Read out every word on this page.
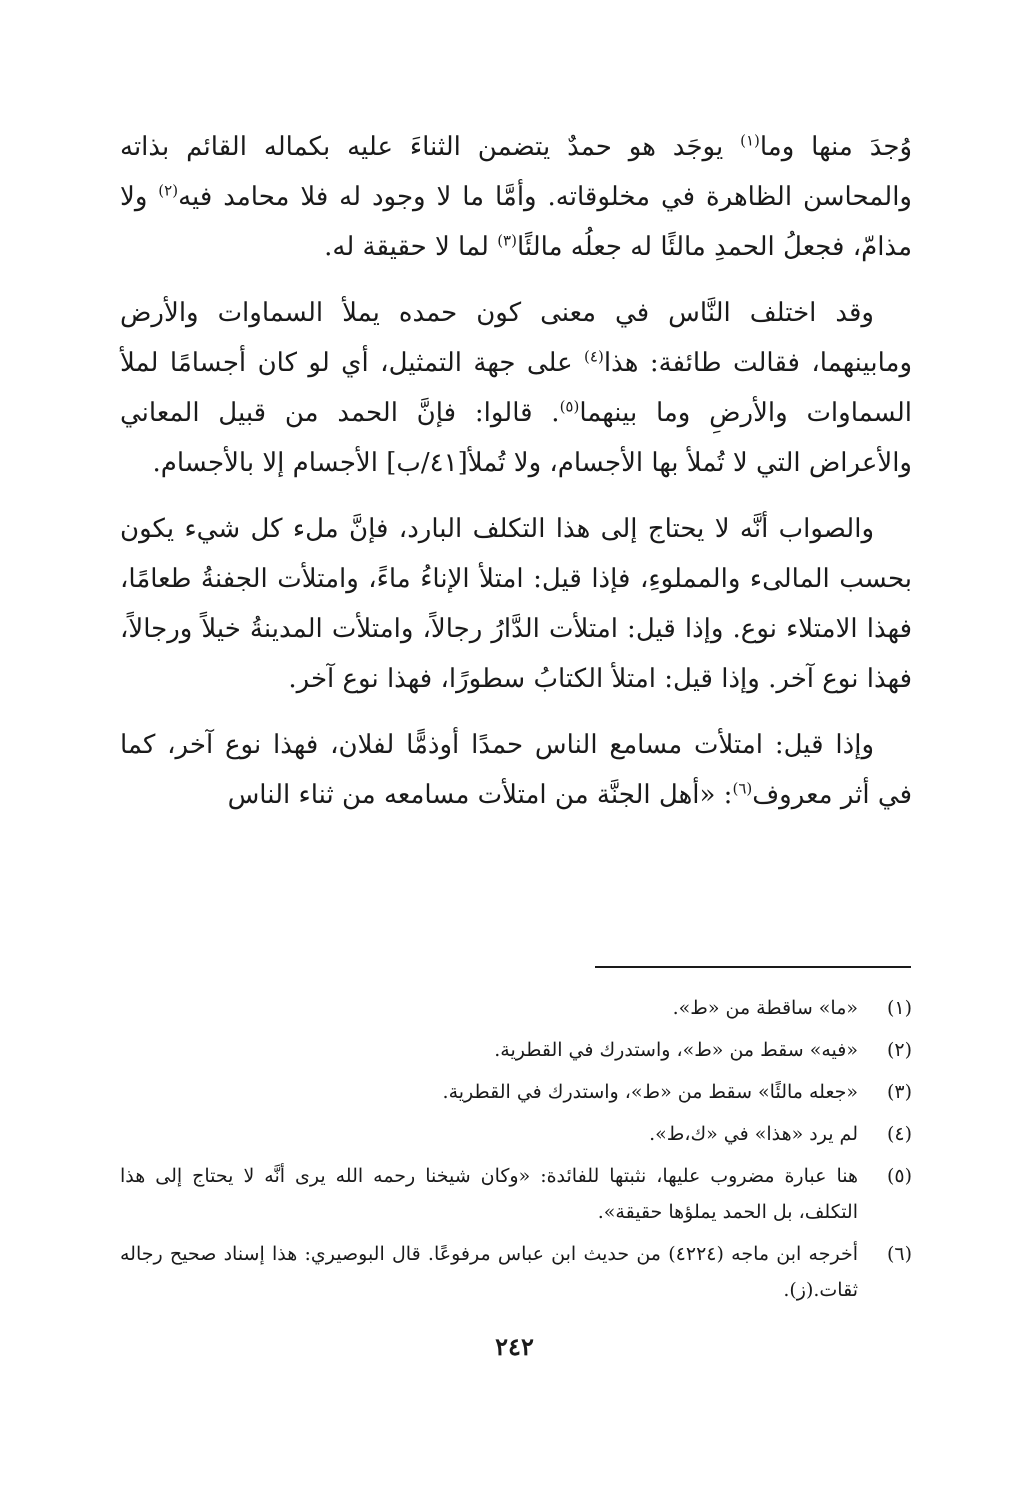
وُجدَ منها وما$^{(١)}$ يوجَد هو حمدٌ يتضمن الثناءَ عليه بكماله القائم بذاته والمحاسن الظاهرة في مخلوقاته. وأمَّا ما لا وجود له فلا محامد فيه$^{(٢)}$ ولا مذامّ، فجعلُ الحمدِ مالئًا له جعلُه مالئًا$^{(٣)}$ لما لا حقيقة له.

وقد اختلف النَّاس في معنى كون حمده يملأ السماوات والأرض ومابينهما، فقالت طائفة: هذا$^{(٤)}$ على جهة التمثيل، أي لو كان أجسامًا لملأ السماوات والأرضِ وما بينهما$^{(٥)}$. قالوا: فإنَّ الحمد من قبيل المعاني والأعراض التي لا تُملأ بها الأجسام، ولا تُملأ[٤١/ب] الأجسام إلا بالأجسام.

والصواب أنَّه لا يحتاج إلى هذا التكلف البارد، فإنَّ ملء كل شيء يكون بحسب المالىء والمملوءِ، فإذا قيل: امتلأ الإناءُ ماءً، وامتلأت الجفنةُ طعامًا، فهذا الامتلاء نوع. وإذا قيل: امتلأت الدَّارُ رجالاً، وامتلأت المدينةُ خيلاً ورجالاً، فهذا نوع آخر. وإذا قيل: امتلأ الكتابُ سطورًا، فهذا نوع آخر.

وإذا قيل: امتلأت مسامع الناس حمدًا أوذمًّا لفلان، فهذا نوع آخر، كما في أثر معروف$^{(٦)}$: «أهل الجنَّة من امتلأت مسامعه من ثناء الناس

(١)
«ما» ساقطة من «ط».
(٢)
«فيه» سقط من «ط»، واستدرك في القطرية.
(٣)
«جعله مالئًا» سقط من «ط»، واستدرك في القطرية.
(٤)
لم يرد «هذا» في «ك،ط».
(٥)
هنا عبارة مضروب عليها، نثبتها للفائدة: «وكان شيخنا رحمه الله يرى أنَّه لا يحتاج إلى هذا التكلف، بل الحمد يملؤها حقيقة».
(٦)
أخرجه ابن ماجه (٤٢٢٤) من حديث ابن عباس مرفوعًا. قال البوصيري: هذا إسناد صحيح رجاله ثقات.(ز).
٢٤٢
